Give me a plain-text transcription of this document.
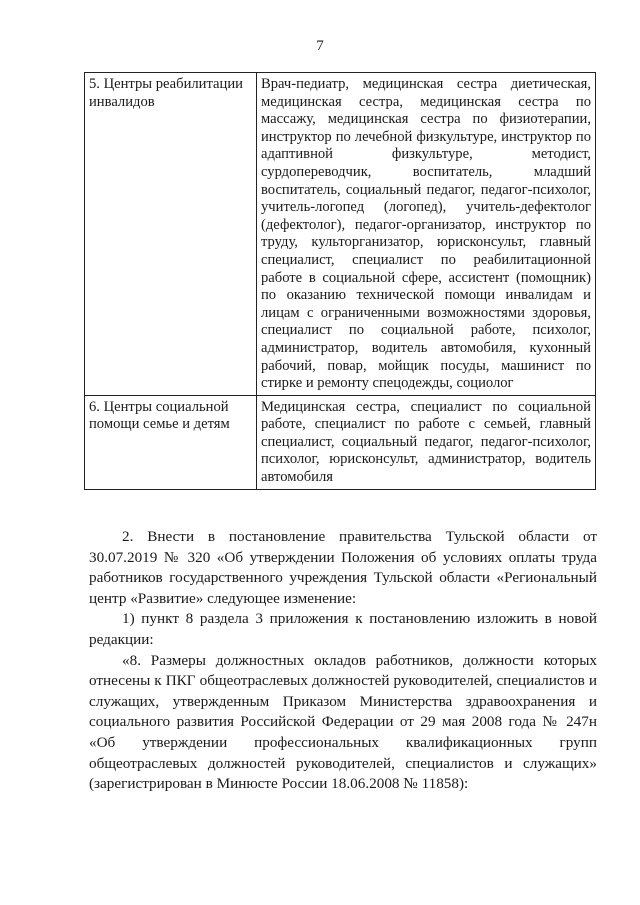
7
5. Центры реабилитации инвалидов	Врач-педиатр, медицинская сестра диетическая, медицинская сестра, медицинская сестра по массажу, медицинская сестра по физиотерапии, инструктор по лечебной физкультуре, инструктор по адаптивной физкультуре, методист, сурдопереводчик, воспитатель, младший воспитатель, социальный педагог, педагог-психолог, учитель-логопед (логопед), учитель-дефектолог (дефектолог), педагог-организатор, инструктор по труду, культорганизатор, юрисконсульт, главный специалист, специалист по реабилитационной работе в социальной сфере, ассистент (помощник) по оказанию технической помощи инвалидам и лицам с ограниченными возможностями здоровья, специалист по социальной работе, психолог, администратор, водитель автомобиля, кухонный рабочий, повар, мойщик посуды, машинист по стирке и ремонту спецодежды, социолог
6. Центры социальной помощи семье и детям	Медицинская сестра, специалист по социальной работе, специалист по работе с семьей, главный специалист, социальный педагог, педагог-психолог, психолог, юрисконсульт, администратор, водитель автомобиля

2. Внести в постановление правительства Тульской области от 30.07.2019 № 320 «Об утверждении Положения об условиях оплаты труда работников государственного учреждения Тульской области «Региональный центр «Развитие» следующее изменение:

1) пункт 8 раздела 3 приложения к постановлению изложить в новой редакции:

«8. Размеры должностных окладов работников, должности которых отнесены к ПКГ общеотраслевых должностей руководителей, специалистов и служащих, утвержденным Приказом Министерства здравоохранения и социального развития Российской Федерации от 29 мая 2008 года № 247н «Об утверждении профессиональных квалификационных групп общеотраслевых должностей руководителей, специалистов и служащих» (зарегистрирован в Минюсте России 18.06.2008 № 11858):
